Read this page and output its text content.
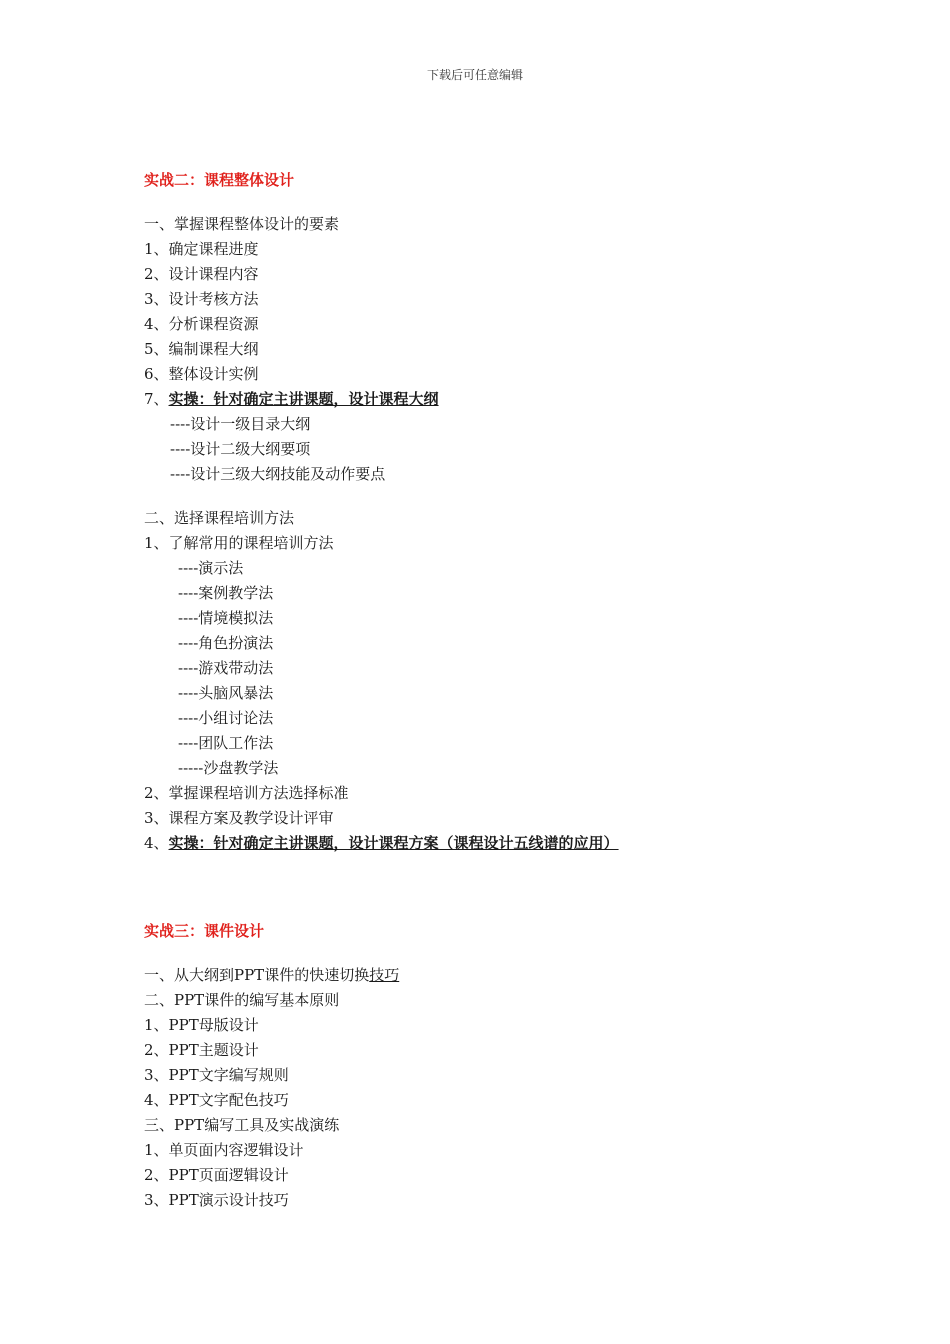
下载后可任意编辑
实战二：课程整体设计
一、掌握课程整体设计的要素
1、确定课程进度
2、设计课程内容
3、设计考核方法
4、分析课程资源
5、编制课程大纲
6、整体设计实例
7、实操：针对确定主讲课题，设计课程大纲
----设计一级目录大纲
----设计二级大纲要项
----设计三级大纲技能及动作要点
二、选择课程培训方法
1、了解常用的课程培训方法
----演示法
----案例教学法
----情境模拟法
----角色扮演法
----游戏带动法
----头脑风暴法
----小组讨论法
----团队工作法
-----沙盘教学法
2、掌握课程培训方法选择标准
3、课程方案及教学设计评审
4、实操：针对确定主讲课题，设计课程方案（课程设计五线谱的应用）
实战三：课件设计
一、从大纲到PPT课件的快速切换技巧
二、PPT课件的编写基本原则
1、PPT母版设计
2、PPT主题设计
3、PPT文字编写规则
4、PPT文字配色技巧
三、PPT编写工具及实战演练
1、单页面内容逻辑设计
2、PPT页面逻辑设计
3、PPT演示设计技巧
